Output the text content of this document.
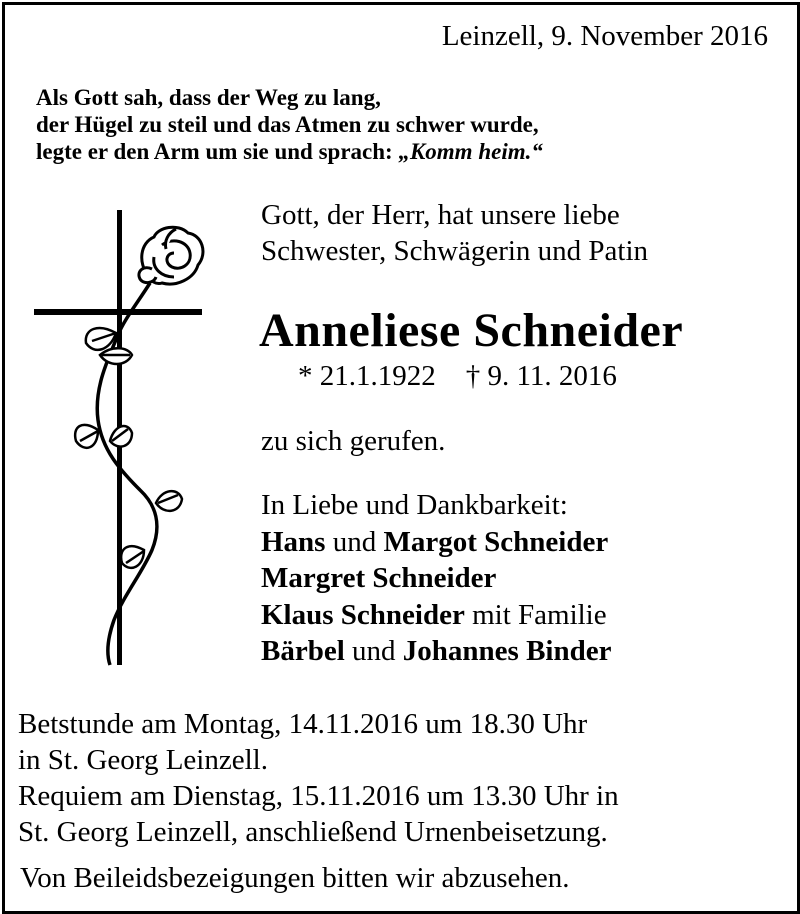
Leinzell, 9. November 2016
Als Gott sah, dass der Weg zu lang,
der Hügel zu steil und das Atmen zu schwer wurde,
legte er den Arm um sie und sprach: „Komm heim.“
Gott, der Herr, hat unsere liebe
Schwester, Schwägerin und Patin
Anneliese Schneider
* 21.1.1922 † 9. 11. 2016
zu sich gerufen.
In Liebe und Dankbarkeit:
Hans und Margot Schneider
Margret Schneider
Klaus Schneider mit Familie
Bärbel und Johannes Binder
Betstunde am Montag, 14.11.2016 um 18.30 Uhr
in St. Georg Leinzell.
Requiem am Dienstag, 15.11.2016 um 13.30 Uhr in
St. Georg Leinzell, anschließend Urnenbeisetzung.
Von Beileidsbezeigungen bitten wir abzusehen.
